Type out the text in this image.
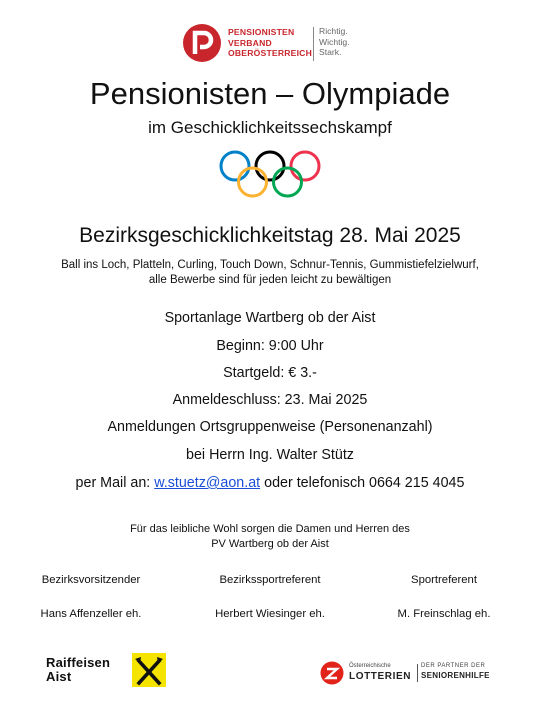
PENSIONISTEN
VERBAND
OBERÖSTERREICH
Richtig.
Wichtig.
Stark.
Pensionisten – Olympiade
im Geschicklichkeitssechskampf
Bezirksgeschicklichkeitstag 28. Mai 2025
Ball ins Loch, Platteln, Curling, Touch Down, Schnur-Tennis, Gummistiefelzielwurf,
alle Bewerbe sind für jeden leicht zu bewältigen
Sportanlage Wartberg ob der Aist
Beginn: 9:00 Uhr
Startgeld: € 3.-
Anmeldeschluss: 23. Mai 2025
Anmeldungen Ortsgruppenweise (Personenanzahl)
bei Herrn Ing. Walter Stütz
per Mail an: w.stuetz@aon.at oder telefonisch 0664 215 4045
Für das leibliche Wohl sorgen die Damen und Herren des
PV Wartberg ob der Aist
Bezirksvorsitzender	Bezirkssportreferent	Sportreferent
Hans Affenzeller eh.	Herbert Wiesinger eh.	M. Freinschlag eh.
Raiffeisen
Aist
Österreichische
LOTTERIEN
DER PARTNER DER
SENIORENHILFE
